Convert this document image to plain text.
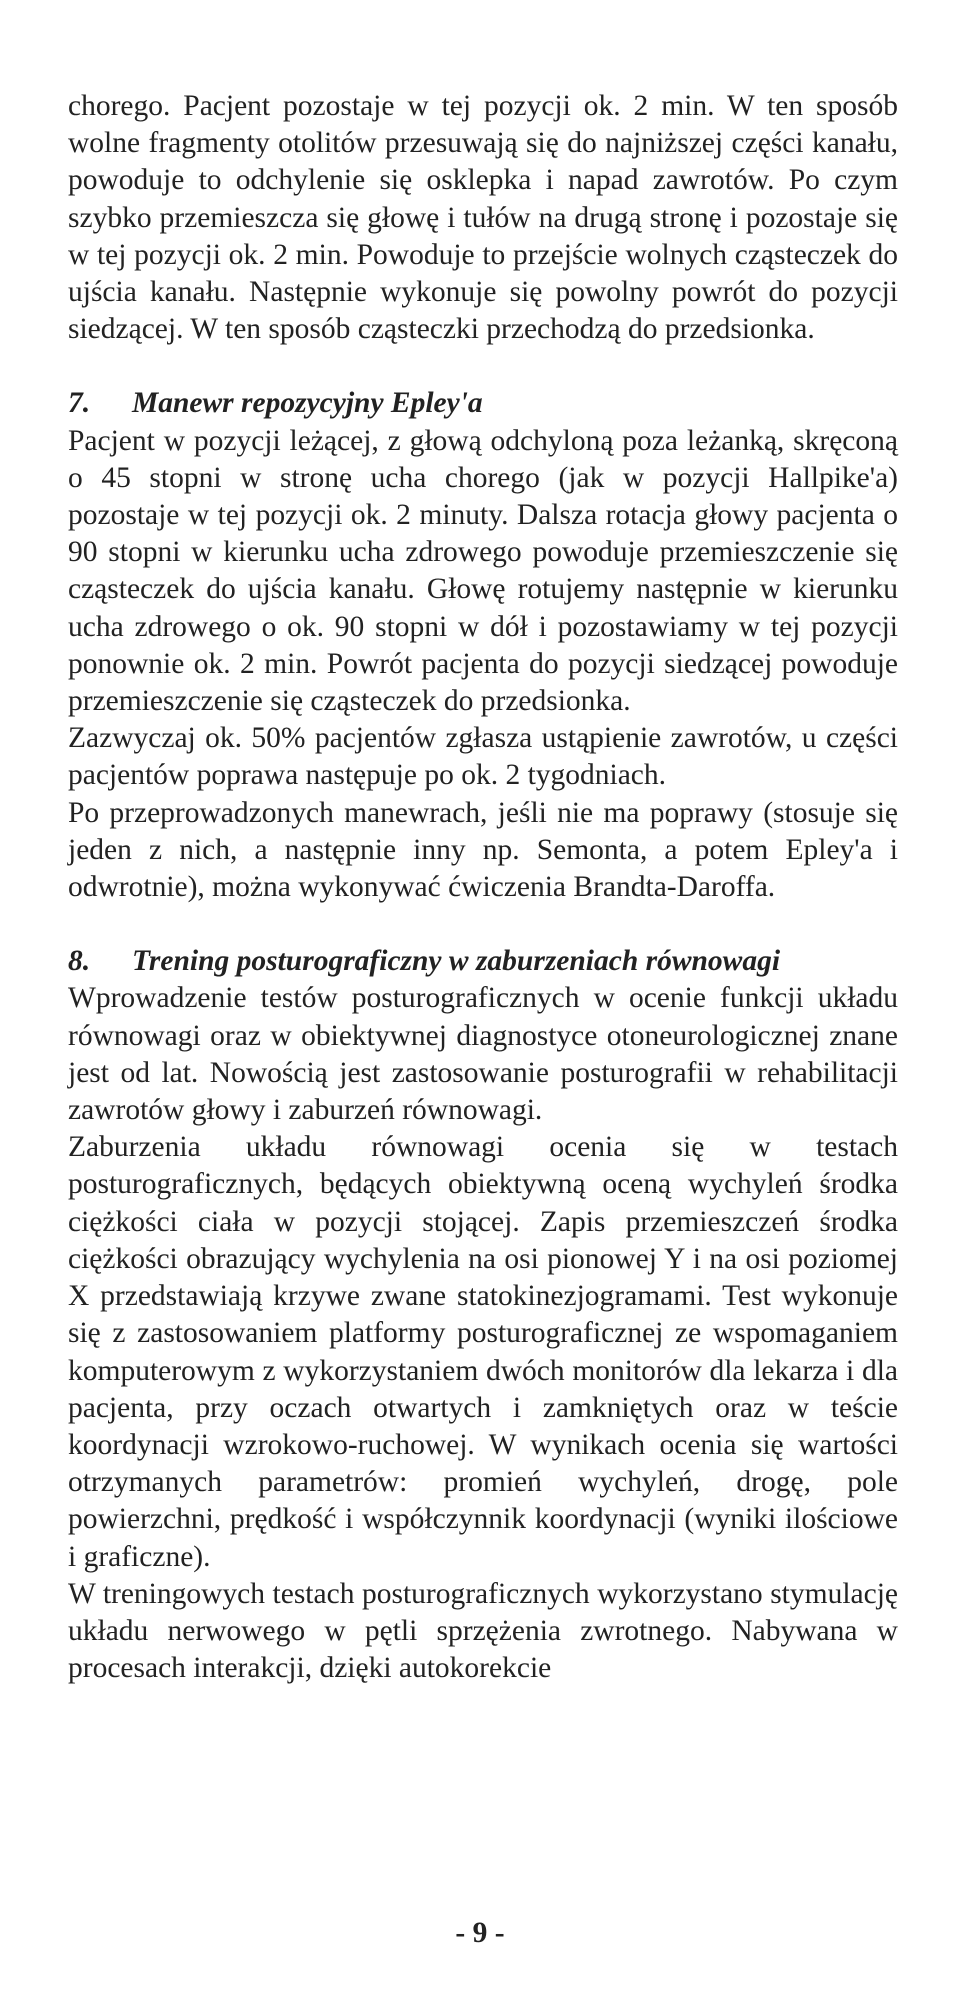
chorego. Pacjent pozostaje w tej pozycji ok. 2 min. W ten sposób wolne fragmenty otolitów przesuwają się do najniższej części kanału, powoduje to odchylenie się osklepka i napad zawrotów. Po czym szybko przemieszcza się głowę i tułów na drugą stronę i pozostaje się w tej pozycji ok. 2 min. Powoduje to przejście wolnych cząsteczek do ujścia kanału. Następnie wykonuje się powolny powrót do pozycji siedzącej. W ten sposób cząsteczki przechodzą do przedsionka.

7. Manewr repozycyjny Epley'a

Pacjent w pozycji leżącej, z głową odchyloną poza leżanką, skręconą o 45 stopni w stronę ucha chorego (jak w pozycji Hallpike'a) pozostaje w tej pozycji ok. 2 minuty. Dalsza rotacja głowy pacjenta o 90 stopni w kierunku ucha zdrowego powoduje przemieszczenie się cząsteczek do ujścia kanału. Głowę rotujemy następnie w kierunku ucha zdrowego o ok. 90 stopni w dół i pozostawiamy w tej pozycji ponownie ok. 2 min. Powrót pacjenta do pozycji siedzącej powoduje przemieszczenie się cząsteczek do przedsionka.

Zazwyczaj ok. 50% pacjentów zgłasza ustąpienie zawrotów, u części pacjentów poprawa następuje po ok. 2 tygodniach.

Po przeprowadzonych manewrach, jeśli nie ma poprawy (stosuje się jeden z nich, a następnie inny np. Semonta, a potem Epley'a i odwrotnie), można wykonywać ćwiczenia Brandta-Daroffa.

8. Trening posturograficzny w zaburzeniach równowagi

Wprowadzenie testów posturograficznych w ocenie funkcji układu równowagi oraz w obiektywnej diagnostyce otoneurologicznej znane jest od lat. Nowością jest zastosowanie posturografii w rehabilitacji zawrotów głowy i zaburzeń równowagi.

Zaburzenia układu równowagi ocenia się w testach posturograficznych, będących obiektywną oceną wychyleń środka ciężkości ciała w pozycji stojącej. Zapis przemieszczeń środka ciężkości obrazujący wychylenia na osi pionowej Y i na osi poziomej X przedstawiają krzywe zwane statokinezjogramami. Test wykonuje się z zastosowaniem platformy posturograficznej ze wspomaganiem komputerowym z wykorzystaniem dwóch monitorów dla lekarza i dla pacjenta, przy oczach otwartych i zamkniętych oraz w teście koordynacji wzrokowo-ruchowej. W wynikach ocenia się wartości otrzymanych parametrów: promień wychyleń, drogę, pole powierzchni, prędkość i współczynnik koordynacji (wyniki ilościowe i graficzne).

W treningowych testach posturograficznych wykorzystano stymulację układu nerwowego w pętli sprzężenia zwrotnego. Nabywana w procesach interakcji, dzięki autokorekcie

- 9 -
